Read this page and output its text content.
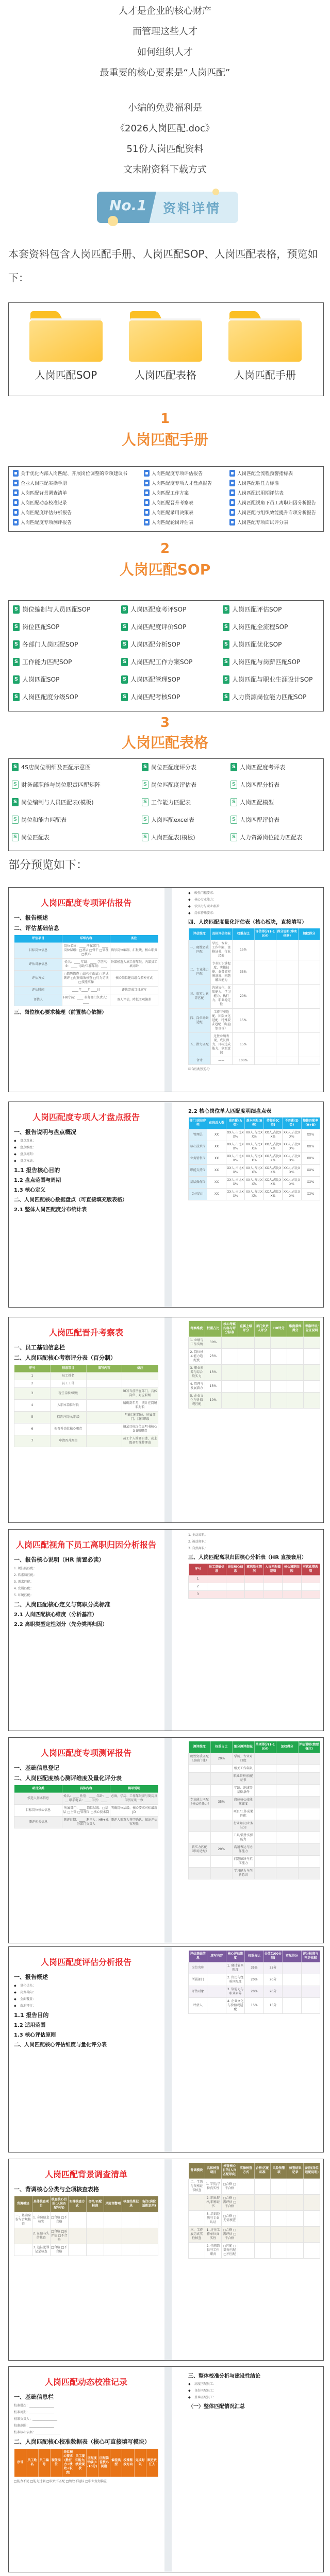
人才是企业的核心财产
而管理这些人才
如何组织人才
最重要的核心要素是“人岗匹配”
小编的免费福利是
《2026人岗匹配.doc》
51份人岗匹配资料
文末附资料下载方式
No.1 资料详情
本套资料包含人岗匹配手册、人岗匹配SOP、人岗匹配表格，预览如下：
人岗匹配SOP	人岗匹配表格	人岗匹配手册
1
人岗匹配手册
关于优化内部人岗匹配、开展岗位调整的专项建议书
企业人岗匹配实操手册
人岗匹配背景调查清单
人岗匹配动态校准记录
人岗匹配度评估分析报告
人岗匹配度专项测评报告
人岗匹配度专项评估报告
人岗匹配度专项人才盘点报告
人岗匹配工作方案
人岗匹配晋升考察表
人岗匹配录用决策表
人岗匹配轮岗评估表
人岗匹配全流程预警指标表
人岗匹配胜任力标准
人岗匹配试用期评估表
人岗匹配视角下员工离职归因分析报告
人岗匹配与组织效能提升专项分析报告
人岗匹配专项面试评分表
2
人岗匹配SOP
S 岗位编制与人员匹配SOP
S 岗位匹配SOP
S 各部门人岗匹配SOP
S 工作能力匹配SOP
S 人岗匹配SOP
S 人岗匹配度分级SOP
S 人岗匹配度考评SOP
S 人岗匹配度评价SOP
S 人岗匹配分析SOP
S 人岗匹配工作方案SOP
S 人岗匹配管理SOP
S 人岗匹配考核SOP
S 人岗匹配评估SOP
S 人岗匹配全流程SOP
S 人岗匹配优化SOP
S 人岗匹配与岗薪匹配SOP
S 人岗匹配与职业生涯设计SOP
S 人力资源岗位能力匹配SOP
3
人岗匹配表格
S 4S店岗位明细及匹配示意图
S 财务部职能与岗位职责匹配矩阵
S 岗位编制与人员匹配表(模板)
S 岗位和能力匹配表
S 岗位匹配表
S 岗位匹配度评分表
S 岗位匹配度评估表
S 工作能力匹配表
S 人岗匹配excel表
S 人岗匹配表(模板)
S 人岗匹配度考评表
S 人岗匹配分析表
S 人岗匹配模型
S 人岗匹配评价表
S 人力资源岗位能力匹配表
部分预览如下：
人岗匹配度专项评估报告
一、报告概述
二、评估基础信息
评估项目	详细内容	备注
目标岗位信息	岗位名称：____ 所属部门：____ 岗位层级：□基层 □骨干 □管理 □核心	填写岗位编制、汇报线、核心职责
评估对象信息	姓名：____ 年龄：____ 学历/专业：____ 司龄/工作年限：____	外部候选人填工作年限，内部员工填司龄
评估方式	□简历筛查 □结构化面试 □笔试测评 □过往绩效核查 □行为访谈 □技能实操	核心岗位建议组合多种方式
评估时间	____年____月____日	评估完成当日填写
评估人	HR专员：____ 业务部门负责人：____	双人评估，降低主观偏差
三、岗位核心要求梳理（前置核心依据）
◆ 硬性门槛要求：
◆ 核心专业能力：
◆ 软实力与职业素养：
◆ 岗位特殊要求：
四、人岗匹配度量化评估表（核心板块，直接填写）
评估维度	具体评估指标	权重占比	评估得分(1-10分)	得分说明(事实依据)	加权得分
一、硬性资质匹配	学历、专业、工作年限、资格证书、行业经验	15%			
二、专业能力匹配	专业知识掌握度、实操技能、业务流程熟悉度、问题解决能力	35%			
三、软实力素养匹配	沟通协作、抗压能力、学习能力、执行力、职业稳定性	20%			
四、岗位场景适配	工作节奏适配、团队文化适配、特殊要求适配（出差/加班等）	15%			
五、潜力匹配	过往业绩表现、成长潜力、目标达成能力、创新意识	15%			
合计	——	100%			
综合匹配度总分
人岗匹配度专项人才盘点报告
一、报告说明与盘点概况
◆ 盘点对象：
◆ 盘点维度：
◆ 盘点周期：
◆ 盘点方法：
1.1 报告核心目的
1.2 盘点范围与周期
1.3 核心定义
二、人岗匹配核心数据盘点（可直接填充版表格）
2.1 整体人岗匹配度分布统计表
2.2 核心岗位单人匹配度明细盘点表
部门/岗位序列	在岗总人数	高匹配(A类)	基本匹配(B类)	待提升(C类)	不匹配(D类)	整体匹配率(A+B)
管理层	XX	XX人,占比XX%	XX人,占比XX%	XX人,占比XX%	XX人,占比XX%	XX%
核心技术岗	XX	XX人,占比XX%	XX人,占比XX%	XX人,占比XX%	XX人,占比XX%	XX%
业务销售岗	XX	XX人,占比XX%	XX人,占比XX%	XX人,占比XX%	XX人,占比XX%	XX%
职能支持岗	XX	XX人,占比XX%	XX人,占比XX%	XX人,占比XX%	XX人,占比XX%	XX%
基层操作岗	XX	XX人,占比XX%	XX人,占比XX%	XX人,占比XX%	XX人,占比XX%	XX%
公司总计	XX	XX人,占比XX%	XX人,占比XX%	XX人,占比XX%	XX人,占比XX%	XX%
人岗匹配晋升考察表
一、员工基础信息栏
二、人岗匹配核心考察评分表（百分制）
序号	信息项目	填写内容	备注
1	员工姓名		
2	员工工号		
3	现任岗位/职级		填写当前所在部门、具体岗位、对应职级
4	入职本岗位时长		精确到年月，统计在岗履职时长
5	拟晋升岗位/职级		明确目标岗位、所属部门、目标职级
6	拟晋升岗位核心职责		摘录目标岗位说明书核心3-5项职责
7	申请晋升理由		员工个人简要自述，或上级初步推荐理由
考察维度	权重占比	核心考察内容与评分标准	直属上级评分	部门负责人评分	HR评分	维度最终得分	考察评语/佐证说明
1. 业绩与工作实绩	30%						
2. 岗位核心能力适配度	25%						
3. 职业素养与综合软实力	15%						
4. 管理与发展潜力	15%						
5. 企业文化与价值观匹配	10%						
人岗匹配视角下员工离职归因分析报告
一、报告核心说明（HR 前置必读）
1. 硬技能匹配：
2. 软素质匹配：
3. 需求匹配：
4. 发展匹配：
5. 环境匹配：
二、人岗匹配核心定义与离职分类标准
2.1 人岗匹配核心维度（分析基准）
2.2 离职类型定性划分（先分类再归因）
1. 主动离职：
2. 被动离职：
3. 自然离职：
三、人岗匹配离职归因核心分析表（HR 直接套用）
序号	员工基础信息	岗位核心信息	离职基本情况	人岗匹配偏差项	核心离职归因	可优化整改项
1						
2						
3						
人岗匹配度专项测评报告
一、基础信息登记
二、人岗匹配度核心测评维度及量化评分表
项目分类	具体内容	填写说明
候选人基本信息	姓名：____ 性别：____ 年龄：____ 联系电话：____ 学历：____	必填，学历、工作年限需与简历及学历证明一致
目标岗位核心信息	所属部门：____ 岗位层级：□基层 □主管 □管理岗 □核心技术岗	明确岗位层级、核心要求对标最新JD
测评相关信息	测评日期：____ 测评人：HR+业务部门负责人	测评人需双人签字确认，保证评估客观性
测评维度	权重占比	细分测评指标	单项得分(1-10分)	加权得分	评估说明(简要备注)
硬性资质匹配（基础门槛）	20%	学历、专业对口度			
		相关工作年限			
		职业资格/技能证书			
		年龄、地域等基础条件			
专业能力匹配（核心胜任力）	35%	岗位核心技能掌握度			
		项目/工作成果匹配			
		行业知识/业务认知			
		工具/软件实操能力			
软实力匹配（职场适配）	20%	沟通表达与协作能力			
		问题解决与抗压能力			
		学习能力与创新意识			
人岗匹配度评估分析报告
一、报告概述
◆ 量化优先：
◆ 岗责导向：
◆ 全面覆盖：
◆ 落地可行：
1.1 报告目的
1.2 适用范围
1.3 核心评估原则
二、人岗匹配核心评估维度与量化评分表
评估基础信息	填写内容	核心评估维度	权重占比	分值(100分制)	实际得分	评分标准与判定依据
岗位名称		1. 硬技能匹配度	35%	35分		
所属部门		2. 资历与经验匹配度	20%	20分		
评估对象		3. 软能力与职业素养	20%	20分		
评估人		4. 企业文化与价值观适配	15%	15分		
人岗匹配背景调查清单
一、背调核心分类与全项核查表格
背调模块	具体核查项目	核查核心目的(人岗匹配导向)	实操核查方式	合格/匹配标准	风险预警项	核查结果记录	备注(岗位适配说明)
一、基础身份与合规核查	1. 身份信息核实	□合格 □不合格					
	2. 征信与失信核查	□合格 □需评估 □不合格					
	3. 违法犯罪记录核查	□合格 □不合格					
背调模块	具体核查项目	核查核心目的(人岗匹配导向)	实操核查方式	合格/匹配标准	风险预警项	核查结果记录	备注(岗位适配说明)
二、学历与资格证书核查	1. 学历/学位真实性	□合格 □不合格					
	2. 职业资格/职称证书	□合格 □需评估 □不合格					
	3. 培训经历与专业认证	□合格 □无需核查					
三、工作履历真实性核查	1. 过往工作单位真实性	□合格 □需评估 □不合格					
	2. 任职岗位与工作职责	□匹配 □部分匹配 □不匹配					
人岗匹配动态校准记录
一、基础信息栏
校准批次：________________
校准周期：________________
校准负责人：________________
校准范围：________________
校准核心依据：________________
二、人岗匹配核心校准数据表（核心可直接填写模块）
序号	员工姓名	员工编号	现任岗位	岗位核心要求(胜任力+绩效+职责)	员工现有能力/绩效现状	匹配度评级(1-10分)	匹配偏差核心问题	偏差类型	校准整改方向	完成时限	跟进责任人
□能力不足 □能力过剩 □职责不匹配 □绩效不达标 □职业规划偏差
三、整体校准分析与建设性结论
◆ 高度匹配员工：
◆ 良好匹配员工：
◆ 基本匹配员工：
（一）整体匹配情况汇总
